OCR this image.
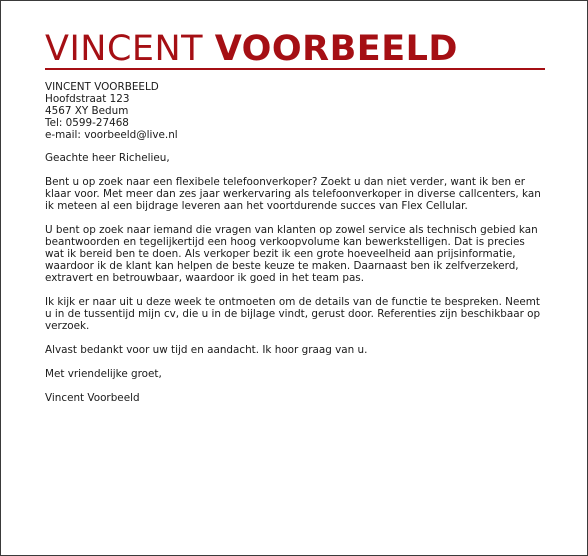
VINCENT VOORBEELD
VINCENT VOORBEELD
Hoofdstraat 123
4567 XY Bedum
Tel: 0599-27468
e-mail: voorbeeld@live.nl

Geachte heer Richelieu,

Bent u op zoek naar een flexibele telefoonverkoper? Zoekt u dan niet verder, want ik ben er klaar voor. Met meer dan zes jaar werkervaring als telefoonverkoper in diverse callcenters, kan ik meteen al een bijdrage leveren aan het voortdurende succes van Flex Cellular.

U bent op zoek naar iemand die vragen van klanten op zowel service als technisch gebied kan beantwoorden en tegelijkertijd een hoog verkoopvolume kan bewerkstelligen. Dat is precies wat ik bereid ben te doen. Als verkoper bezit ik een grote hoeveelheid aan prijsinformatie, waardoor ik de klant kan helpen de beste keuze te maken. Daarnaast ben ik zelfverzekerd, extravert en betrouwbaar, waardoor ik goed in het team pas.

Ik kijk er naar uit u deze week te ontmoeten om de details van de functie te bespreken. Neemt u in de tussentijd mijn cv, die u in de bijlage vindt, gerust door. Referenties zijn beschikbaar op verzoek.

Alvast bedankt voor uw tijd en aandacht. Ik hoor graag van u.

Met vriendelijke groet,

Vincent Voorbeeld
